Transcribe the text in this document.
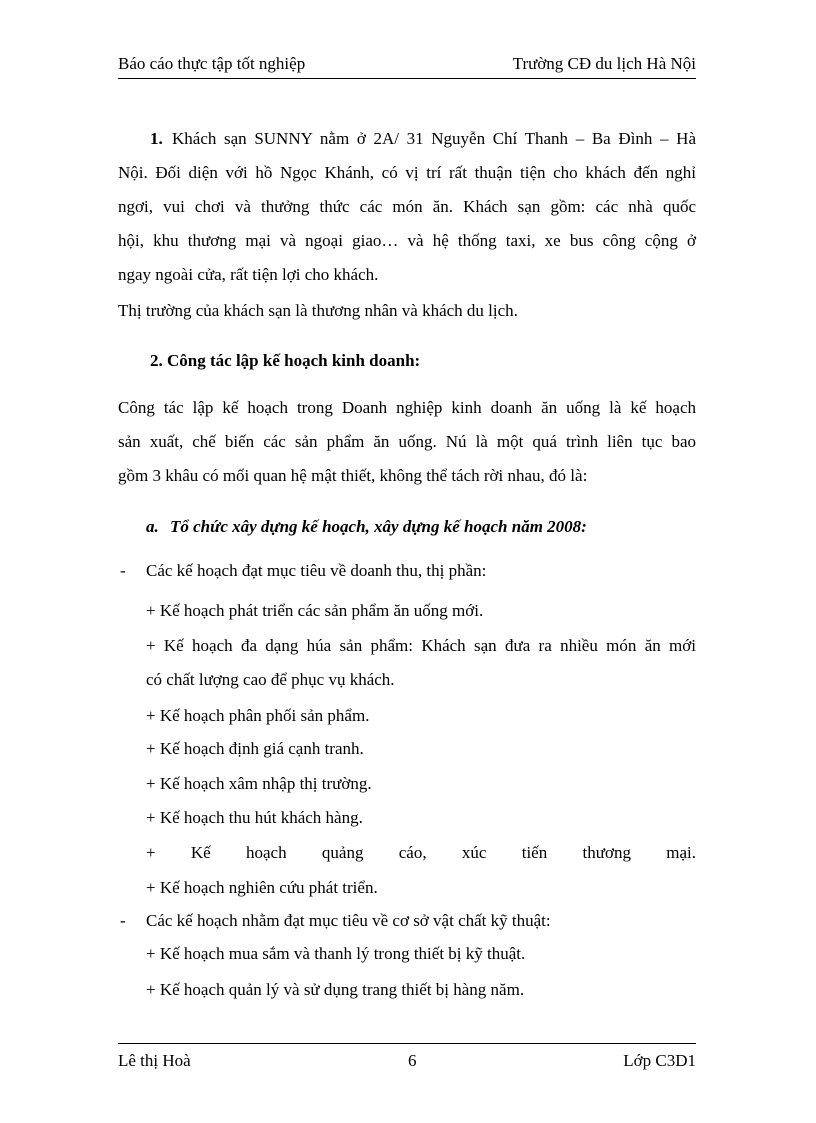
Báo cáo thực tập tốt nghiệp	Trường CĐ du lịch Hà Nội
1. Khách sạn SUNNY nằm ở 2A/ 31 Nguyễn Chí Thanh – Ba Đình – Hà
Nội. Đối diện với hồ Ngọc Khánh, có vị trí rất thuận tiện cho khách đến nghỉ
ngơi, vui chơi và thưởng thức các món ăn. Khách sạn gồm: các nhà quốc
hội, khu thương mại và ngoại giao… và hệ thống taxi, xe bus công cộng ở
ngay ngoài cửa, rất tiện lợi cho khách.
Thị trường của khách sạn là thương nhân và khách du lịch.
2. Công tác lập kế hoạch kinh doanh:
Công tác lập kế hoạch trong Doanh nghiệp kinh doanh ăn uống là kế hoạch
sản xuất, chế biến các sản phẩm ăn uống. Nú là một quá trình liên tục bao
gồm 3 khâu có mối quan hệ mật thiết, không thể tách rời nhau, đó là:
a. Tổ chức xây dựng kế hoạch, xây dựng kế hoạch năm 2008:
- Các kế hoạch đạt mục tiêu về doanh thu, thị phần:
+ Kế hoạch phát triển các sản phẩm ăn uống mới.
+ Kế hoạch đa dạng húa sản phẩm: Khách sạn đưa ra nhiều món ăn mới
có chất lượng cao để phục vụ khách.
+ Kế hoạch phân phối sản phẩm.
+ Kế hoạch định giá cạnh tranh.
+ Kế hoạch xâm nhập thị trường.
+ Kế hoạch thu hút khách hàng.
+ Kế hoạch quảng cáo, xúc tiến thương mại.
+ Kế hoạch nghiên cứu phát triển.
- Các kế hoạch nhằm đạt mục tiêu về cơ sở vật chất kỹ thuật:
+ Kế hoạch mua sắm và thanh lý trong thiết bị kỹ thuật.
+ Kế hoạch quản lý và sử dụng trang thiết bị hàng năm.
Lê thị Hoà	6	Lớp C3D1
